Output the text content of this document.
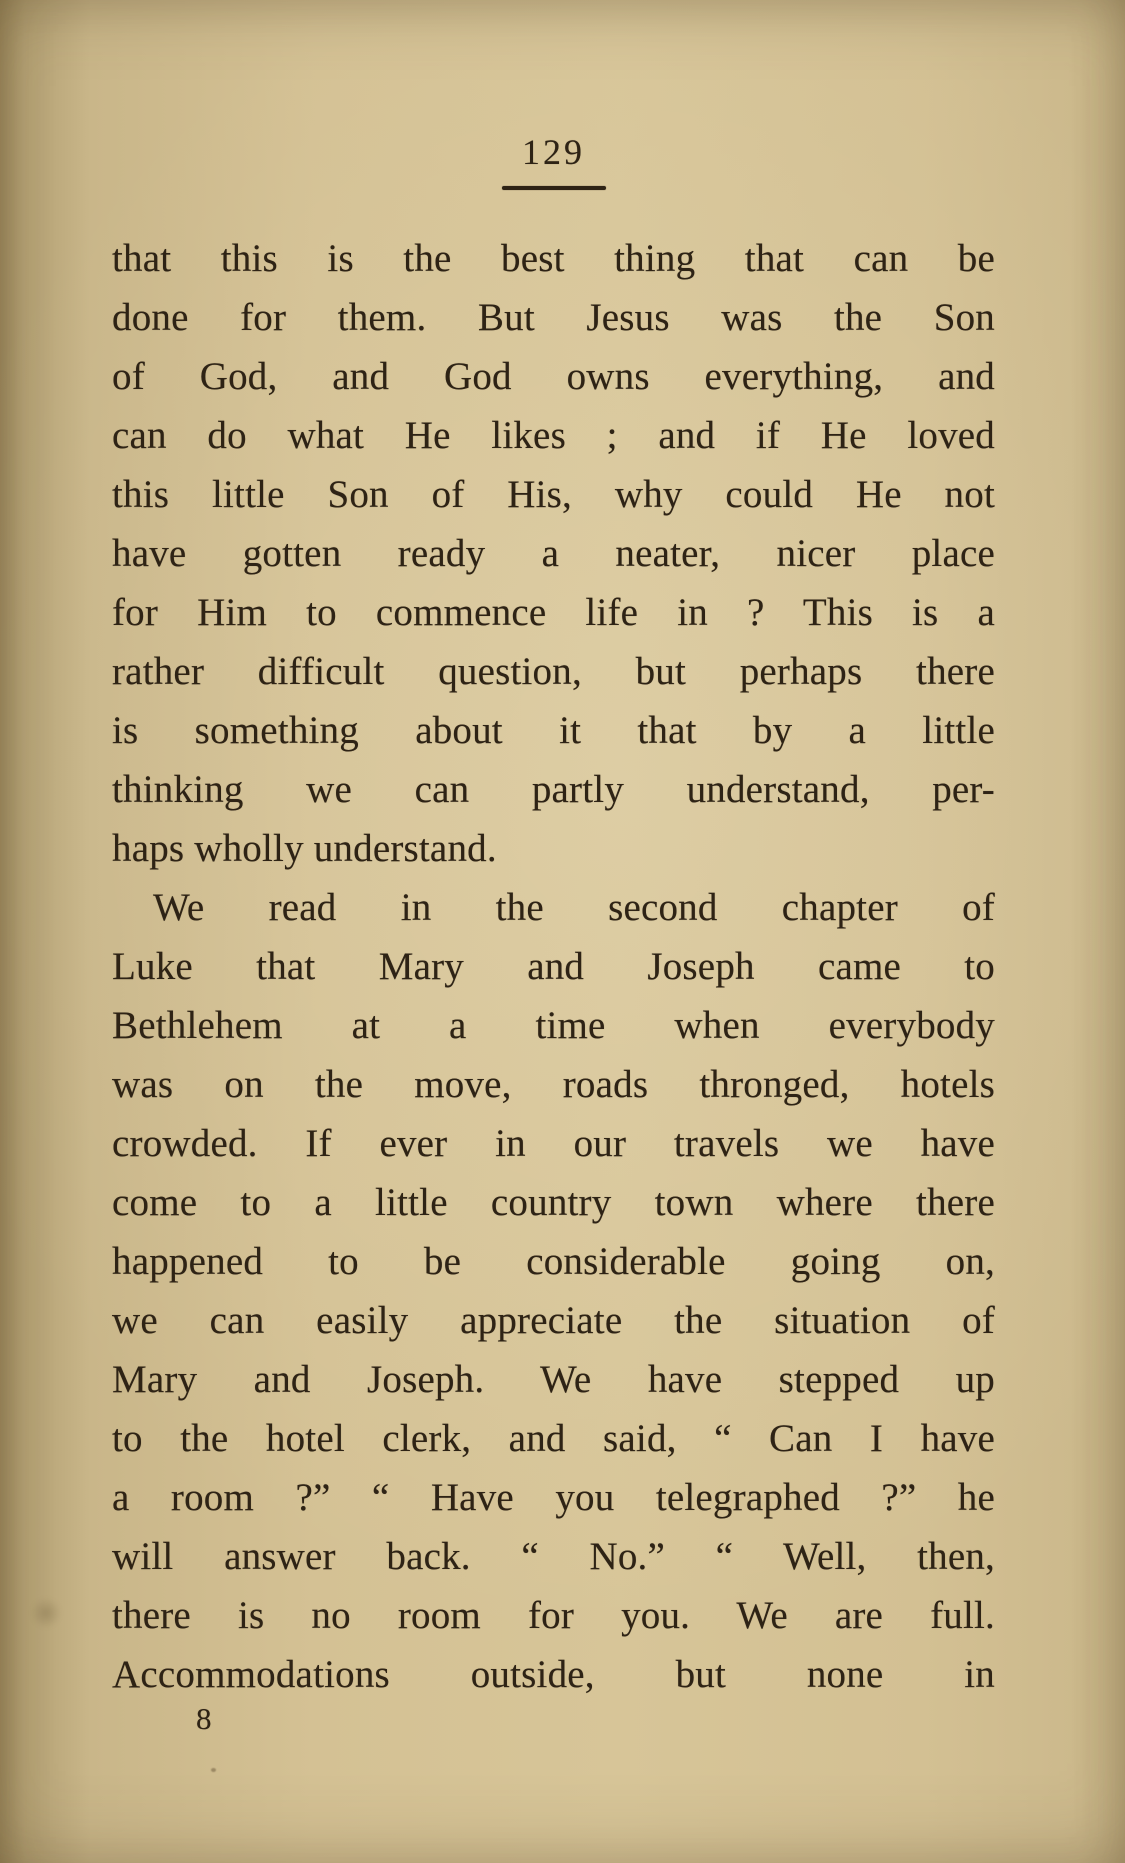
129
that this is the best thing that can be
done for them. But Jesus was the Son
of God, and God owns everything, and
can do what He likes ; and if He loved
this little Son of His, why could He not
have gotten ready a neater, nicer place
for Him to commence life in ? This is a
rather difficult question, but perhaps there
is something about it that by a little
thinking we can partly understand, per-
haps wholly understand.
We read in the second chapter of
Luke that Mary and Joseph came to
Bethlehem at a time when everybody
was on the move, roads thronged, hotels
crowded. If ever in our travels we have
come to a little country town where there
happened to be considerable going on,
we can easily appreciate the situation of
Mary and Joseph. We have stepped up
to the hotel clerk, and said, “ Can I have
a room ?” “ Have you telegraphed ?” he
will answer back. “ No.” “ Well, then,
there is no room for you. We are full.
Accommodations outside, but none in
8
